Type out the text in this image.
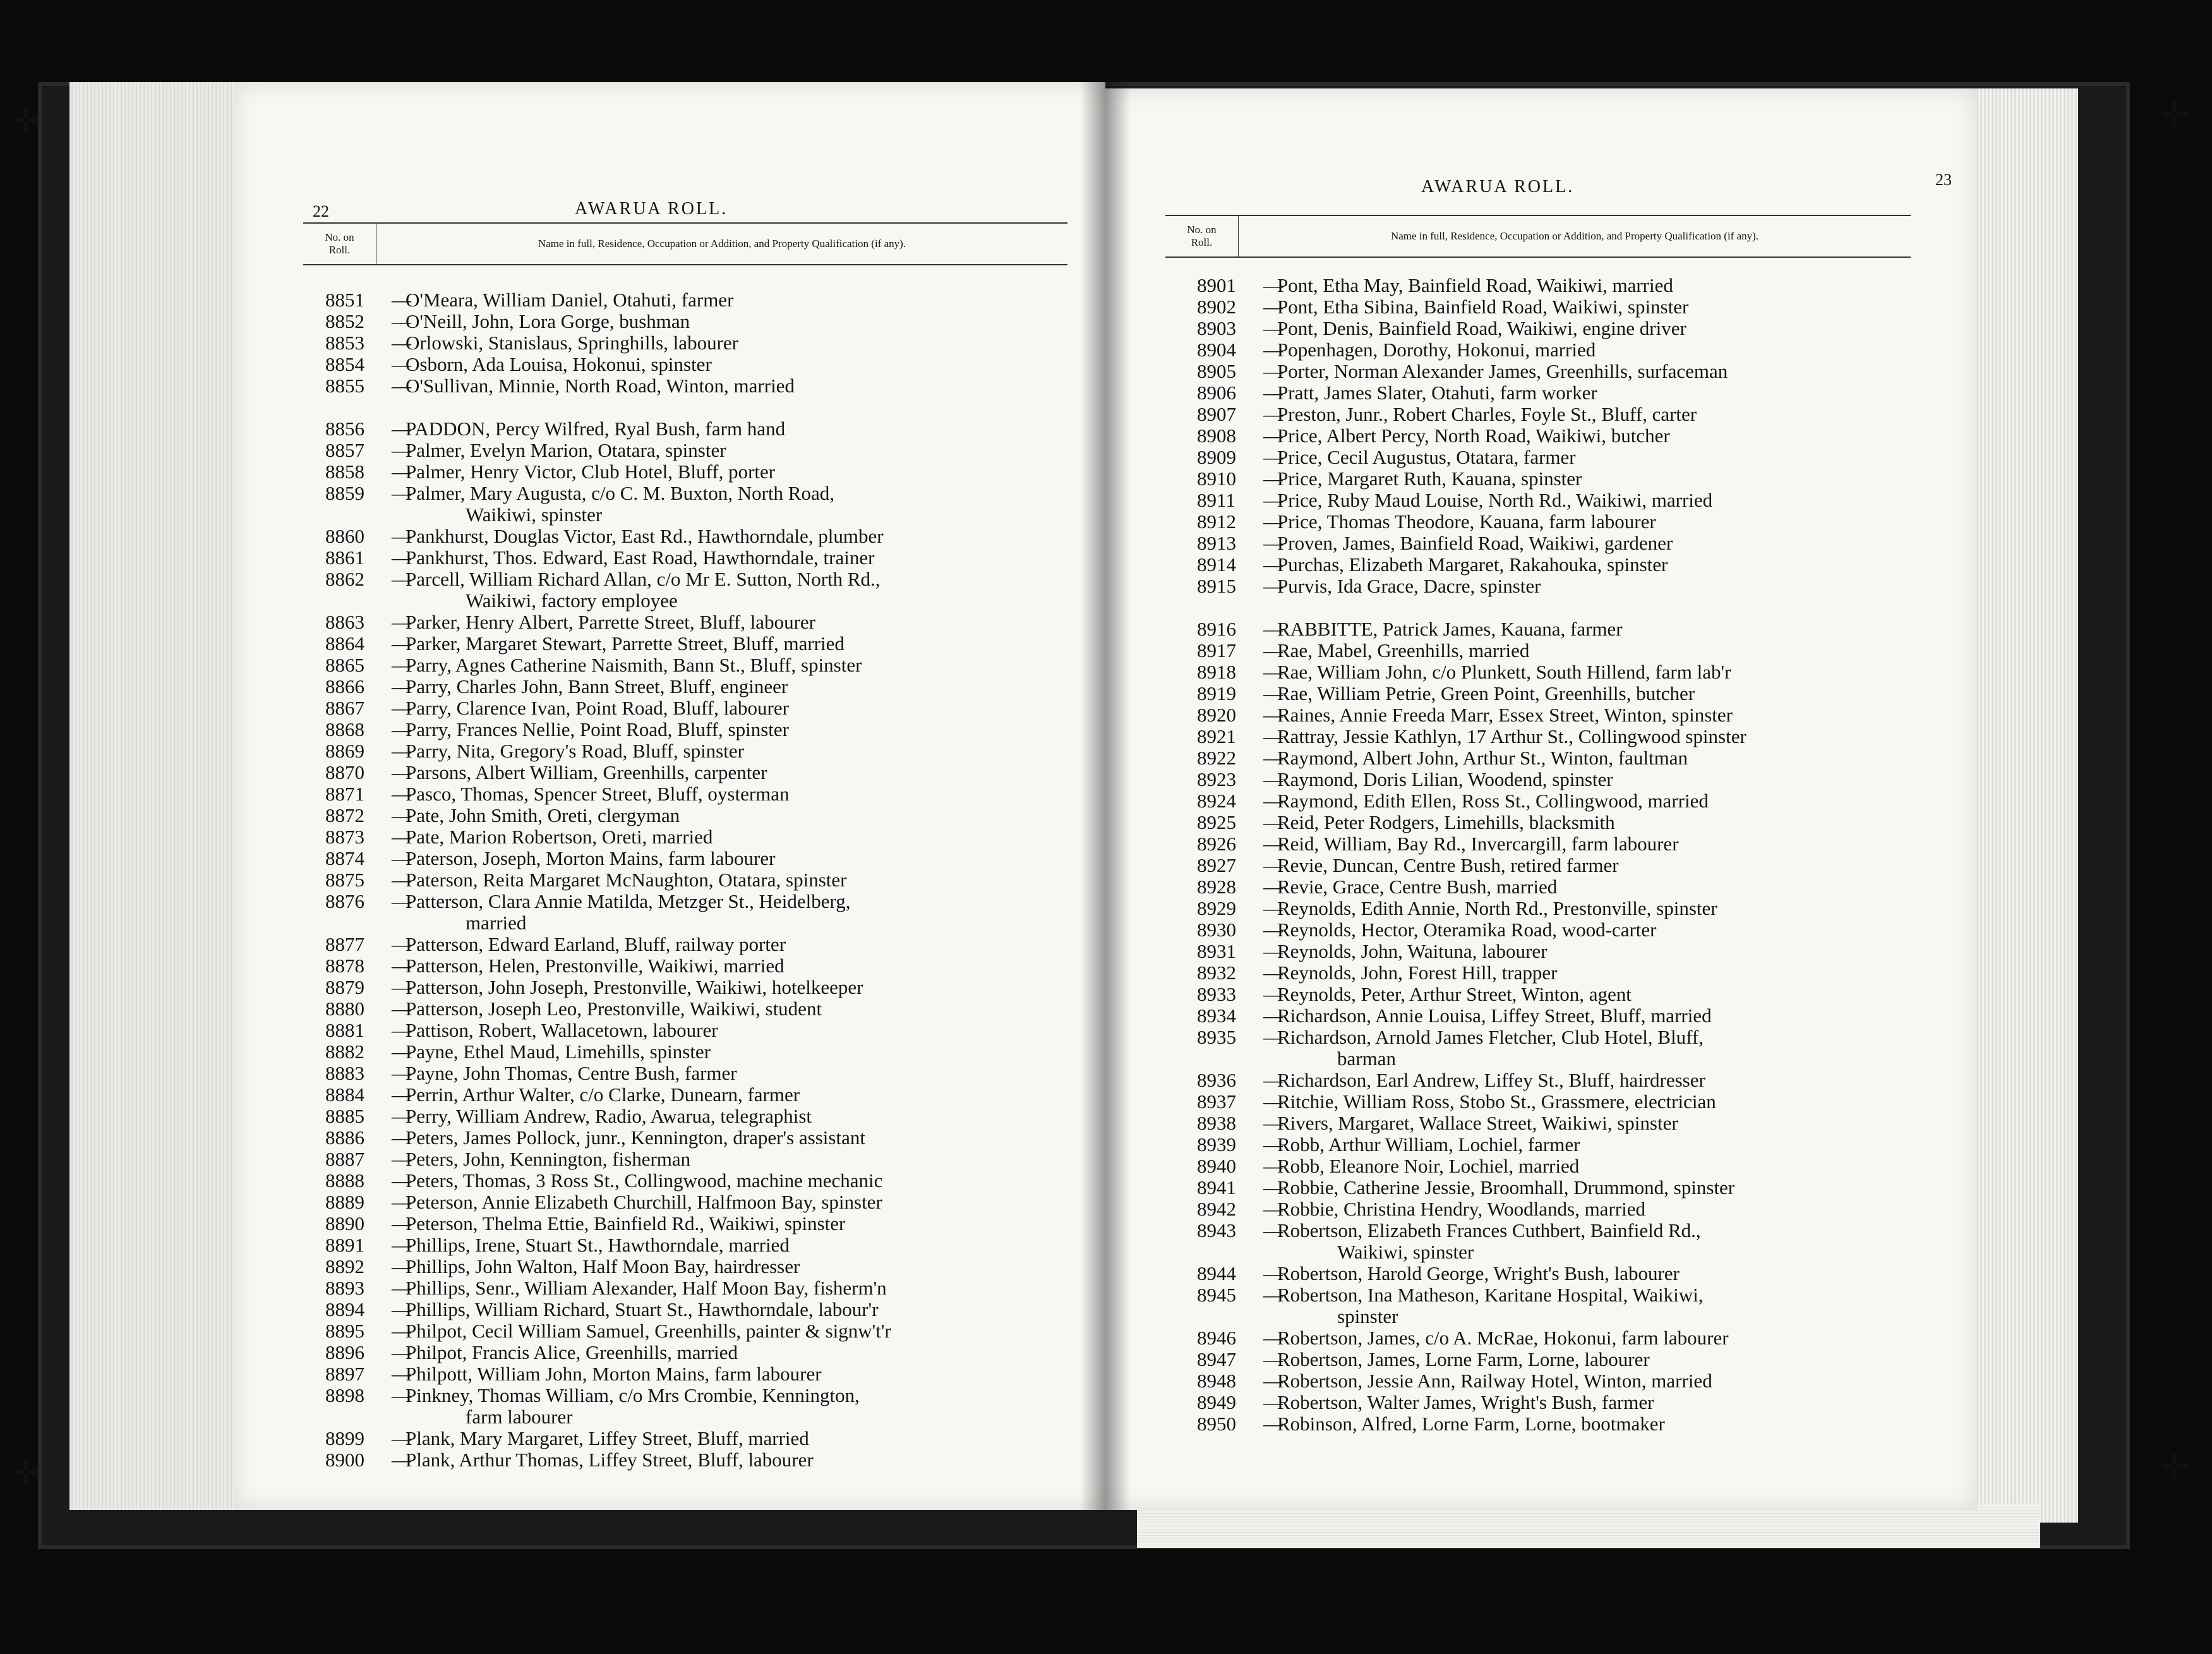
22	AWARUA ROLL.
No. on
Roll.
Name in full, Residence, Occupation or Addition, and Property Qualification (if any).
8851	—
O'Meara, William Daniel, Otahuti, farmer
8852	—
O'Neill, John, Lora Gorge, bushman
8853	—
Orlowski, Stanislaus, Springhills, labourer
8854	—
Osborn, Ada Louisa, Hokonui, spinster
8855	—
O'Sullivan, Minnie, North Road, Winton, married
8856	—
PADDON, Percy Wilfred, Ryal Bush, farm hand
8857	—
Palmer, Evelyn Marion, Otatara, spinster
8858	—
Palmer, Henry Victor, Club Hotel, Bluff, porter
8859	—
Palmer, Mary Augusta, c/o C. M. Buxton, North Road,
Waikiwi, spinster
8860	—
Pankhurst, Douglas Victor, East Rd., Hawthorndale, plumber
8861	—
Pankhurst, Thos. Edward, East Road, Hawthorndale, trainer
8862	—
Parcell, William Richard Allan, c/o Mr E. Sutton, North Rd.,
Waikiwi, factory employee
8863	—
Parker, Henry Albert, Parrette Street, Bluff, labourer
8864	—
Parker, Margaret Stewart, Parrette Street, Bluff, married
8865	—
Parry, Agnes Catherine Naismith, Bann St., Bluff, spinster
8866	—
Parry, Charles John, Bann Street, Bluff, engineer
8867	—
Parry, Clarence Ivan, Point Road, Bluff, labourer
8868	—
Parry, Frances Nellie, Point Road, Bluff, spinster
8869	—
Parry, Nita, Gregory's Road, Bluff, spinster
8870	—
Parsons, Albert William, Greenhills, carpenter
8871	—
Pasco, Thomas, Spencer Street, Bluff, oysterman
8872	—
Pate, John Smith, Oreti, clergyman
8873	—
Pate, Marion Robertson, Oreti, married
8874	—
Paterson, Joseph, Morton Mains, farm labourer
8875	—
Paterson, Reita Margaret McNaughton, Otatara, spinster
8876	—
Patterson, Clara Annie Matilda, Metzger St., Heidelberg,
married
8877	—
Patterson, Edward Earland, Bluff, railway porter
8878	—
Patterson, Helen, Prestonville, Waikiwi, married
8879	—
Patterson, John Joseph, Prestonville, Waikiwi, hotelkeeper
8880	—
Patterson, Joseph Leo, Prestonville, Waikiwi, student
8881	—
Pattison, Robert, Wallacetown, labourer
8882	—
Payne, Ethel Maud, Limehills, spinster
8883	—
Payne, John Thomas, Centre Bush, farmer
8884	—
Perrin, Arthur Walter, c/o Clarke, Dunearn, farmer
8885	—
Perry, William Andrew, Radio, Awarua, telegraphist
8886	—
Peters, James Pollock, junr., Kennington, draper's assistant
8887	—
Peters, John, Kennington, fisherman
8888	—
Peters, Thomas, 3 Ross St., Collingwood, machine mechanic
8889	—
Peterson, Annie Elizabeth Churchill, Halfmoon Bay, spinster
8890	—
Peterson, Thelma Ettie, Bainfield Rd., Waikiwi, spinster
8891	—
Phillips, Irene, Stuart St., Hawthorndale, married
8892	—
Phillips, John Walton, Half Moon Bay, hairdresser
8893	—
Phillips, Senr., William Alexander, Half Moon Bay, fisherm'n
8894	—
Phillips, William Richard, Stuart St., Hawthorndale, labour'r
8895	—
Philpot, Cecil William Samuel, Greenhills, painter & signw't'r
8896	—
Philpot, Francis Alice, Greenhills, married
8897	—
Philpott, William John, Morton Mains, farm labourer
8898	—
Pinkney, Thomas William, c/o Mrs Crombie, Kennington,
farm labourer
8899	—
Plank, Mary Margaret, Liffey Street, Bluff, married
8900	—
Plank, Arthur Thomas, Liffey Street, Bluff, labourer
23
AWARUA ROLL.
No. on
Roll.
Name in full, Residence, Occupation or Addition, and Property Qualification (if any).
8901	—
Pont, Etha May, Bainfield Road, Waikiwi, married
8902	—
Pont, Etha Sibina, Bainfield Road, Waikiwi, spinster
8903	—
Pont, Denis, Bainfield Road, Waikiwi, engine driver
8904	—
Popenhagen, Dorothy, Hokonui, married
8905	—
Porter, Norman Alexander James, Greenhills, surfaceman
8906	—
Pratt, James Slater, Otahuti, farm worker
8907	—
Preston, Junr., Robert Charles, Foyle St., Bluff, carter
8908	—
Price, Albert Percy, North Road, Waikiwi, butcher
8909	—
Price, Cecil Augustus, Otatara, farmer
8910	—
Price, Margaret Ruth, Kauana, spinster
8911	—
Price, Ruby Maud Louise, North Rd., Waikiwi, married
8912	—
Price, Thomas Theodore, Kauana, farm labourer
8913	—
Proven, James, Bainfield Road, Waikiwi, gardener
8914	—
Purchas, Elizabeth Margaret, Rakahouka, spinster
8915	—
Purvis, Ida Grace, Dacre, spinster
8916	—
RABBITTE, Patrick James, Kauana, farmer
8917	—
Rae, Mabel, Greenhills, married
8918	—
Rae, William John, c/o Plunkett, South Hillend, farm lab'r
8919	—
Rae, William Petrie, Green Point, Greenhills, butcher
8920	—
Raines, Annie Freeda Marr, Essex Street, Winton, spinster
8921	—
Rattray, Jessie Kathlyn, 17 Arthur St., Collingwood spinster
8922	—
Raymond, Albert John, Arthur St., Winton, faultman
8923	—
Raymond, Doris Lilian, Woodend, spinster
8924	—
Raymond, Edith Ellen, Ross St., Collingwood, married
8925	—
Reid, Peter Rodgers, Limehills, blacksmith
8926	—
Reid, William, Bay Rd., Invercargill, farm labourer
8927	—
Revie, Duncan, Centre Bush, retired farmer
8928	—
Revie, Grace, Centre Bush, married
8929	—
Reynolds, Edith Annie, North Rd., Prestonville, spinster
8930	—
Reynolds, Hector, Oteramika Road, wood-carter
8931	—
Reynolds, John, Waituna, labourer
8932	—
Reynolds, John, Forest Hill, trapper
8933	—
Reynolds, Peter, Arthur Street, Winton, agent
8934	—
Richardson, Annie Louisa, Liffey Street, Bluff, married
8935	—
Richardson, Arnold James Fletcher, Club Hotel, Bluff,
barman
8936	—
Richardson, Earl Andrew, Liffey St., Bluff, hairdresser
8937	—
Ritchie, William Ross, Stobo St., Grassmere, electrician
8938	—
Rivers, Margaret, Wallace Street, Waikiwi, spinster
8939	—
Robb, Arthur William, Lochiel, farmer
8940	—
Robb, Eleanore Noir, Lochiel, married
8941	—
Robbie, Catherine Jessie, Broomhall, Drummond, spinster
8942	—
Robbie, Christina Hendry, Woodlands, married
8943	—
Robertson, Elizabeth Frances Cuthbert, Bainfield Rd.,
Waikiwi, spinster
8944	—
Robertson, Harold George, Wright's Bush, labourer
8945	—
Robertson, Ina Matheson, Karitane Hospital, Waikiwi,
spinster
8946	—
Robertson, James, c/o A. McRae, Hokonui, farm labourer
8947	—
Robertson, James, Lorne Farm, Lorne, labourer
8948	—
Robertson, Jessie Ann, Railway Hotel, Winton, married
8949	—
Robertson, Walter James, Wright's Bush, farmer
8950	—
Robinson, Alfred, Lorne Farm, Lorne, bootmaker
✛
✛
✛
✛
